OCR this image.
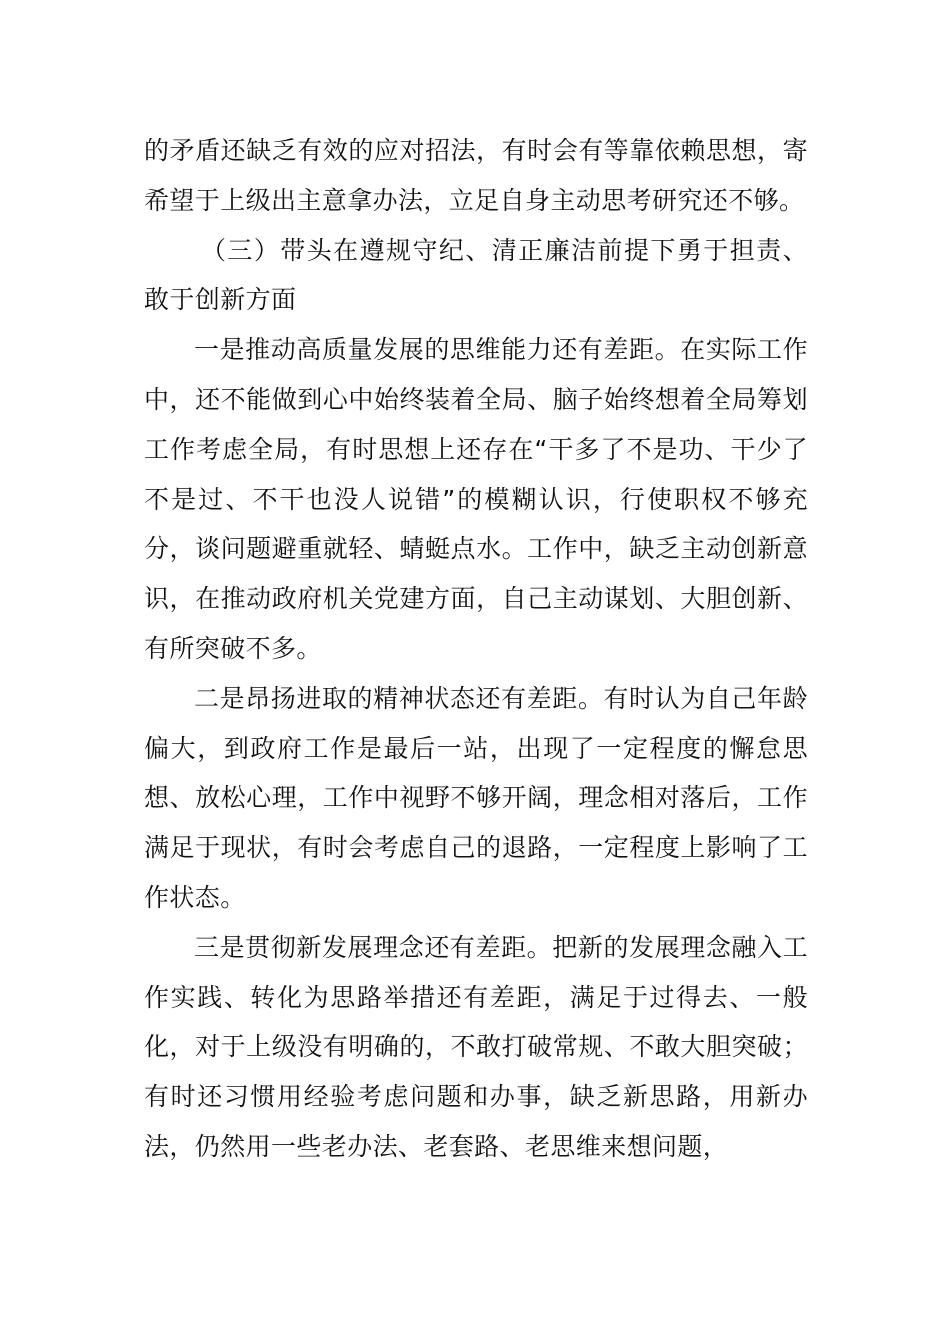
的矛盾还缺乏有效的应对招法，有时会有等靠依赖思想，寄希望于上级出主意拿办法，立足自身主动思考研究还不够。

（三）带头在遵规守纪、清正廉洁前提下勇于担责、敢于创新方面

一是推动高质量发展的思维能力还有差距。在实际工作中，还不能做到心中始终装着全局、脑子始终想着全局筹划工作考虑全局，有时思想上还存在“干多了不是功、干少了不是过、不干也没人说错”的模糊认识，行使职权不够充分，谈问题避重就轻、蜻蜓点水。工作中，缺乏主动创新意识，在推动政府机关党建方面，自己主动谋划、大胆创新、有所突破不多。

二是昂扬进取的精神状态还有差距。有时认为自己年龄偏大，到政府工作是最后一站，出现了一定程度的懈怠思想、放松心理，工作中视野不够开阔，理念相对落后，工作满足于现状，有时会考虑自己的退路，一定程度上影响了工作状态。

三是贯彻新发展理念还有差距。把新的发展理念融入工作实践、转化为思路举措还有差距，满足于过得去、一般化，对于上级没有明确的，不敢打破常规、不敢大胆突破；有时还习惯用经验考虑问题和办事，缺乏新思路，用新办法，仍然用一些老办法、老套路、老思维来想问题，
